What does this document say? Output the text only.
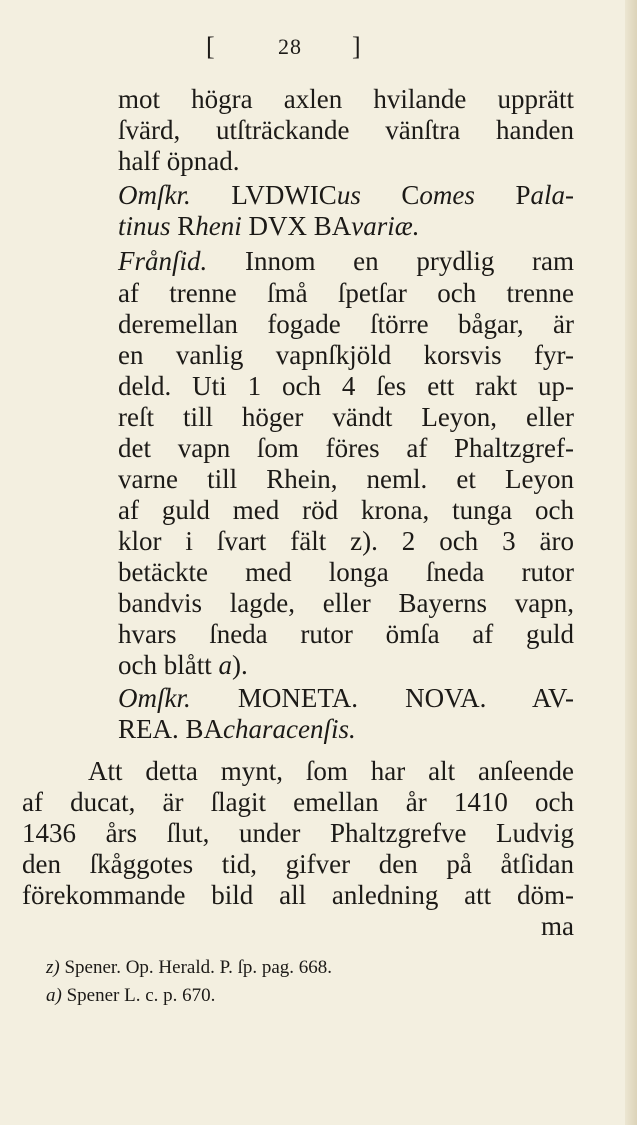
[	28 ]
mot högra axlen hvilande upprätt
ſvärd, utſträckande vänſtra handen
half öpnad.
Omſkr. LVDWICus Comes Pala-
tinus Rheni DVX BAvariæ.
Frånſid. Innom en prydlig ram
af trenne ſmå ſpetſar och trenne
deremellan fogade ſtörre bågar, är
en vanlig vapnſkjöld korsvis fyr-
deld. Uti 1 och 4 ſes ett rakt up-
reſt till höger vändt Leyon, eller
det vapn ſom föres af Phaltzgref-
varne till Rhein, neml. et Leyon
af guld med röd krona, tunga och
klor i ſvart fält z). 2 och 3 äro
betäckte med longa ſneda rutor
bandvis lagde, eller Bayerns vapn,
hvars ſneda rutor ömſa af guld
och blått a).
Omſkr. MONETA. NOVA. AV-
REA. BAcharacenſis.
Att detta mynt, ſom har alt anſeende
af ducat, är ſlagit emellan år 1410 och
1436 års ſlut, under Phaltzgrefve Ludvig
den ſkåggotes tid, gifver den på åtſidan
förekommande bild all anledning att döm-
ma
z) Spener. Op. Herald. P. ſp. pag. 668.
a) Spener L. c. p. 670.
